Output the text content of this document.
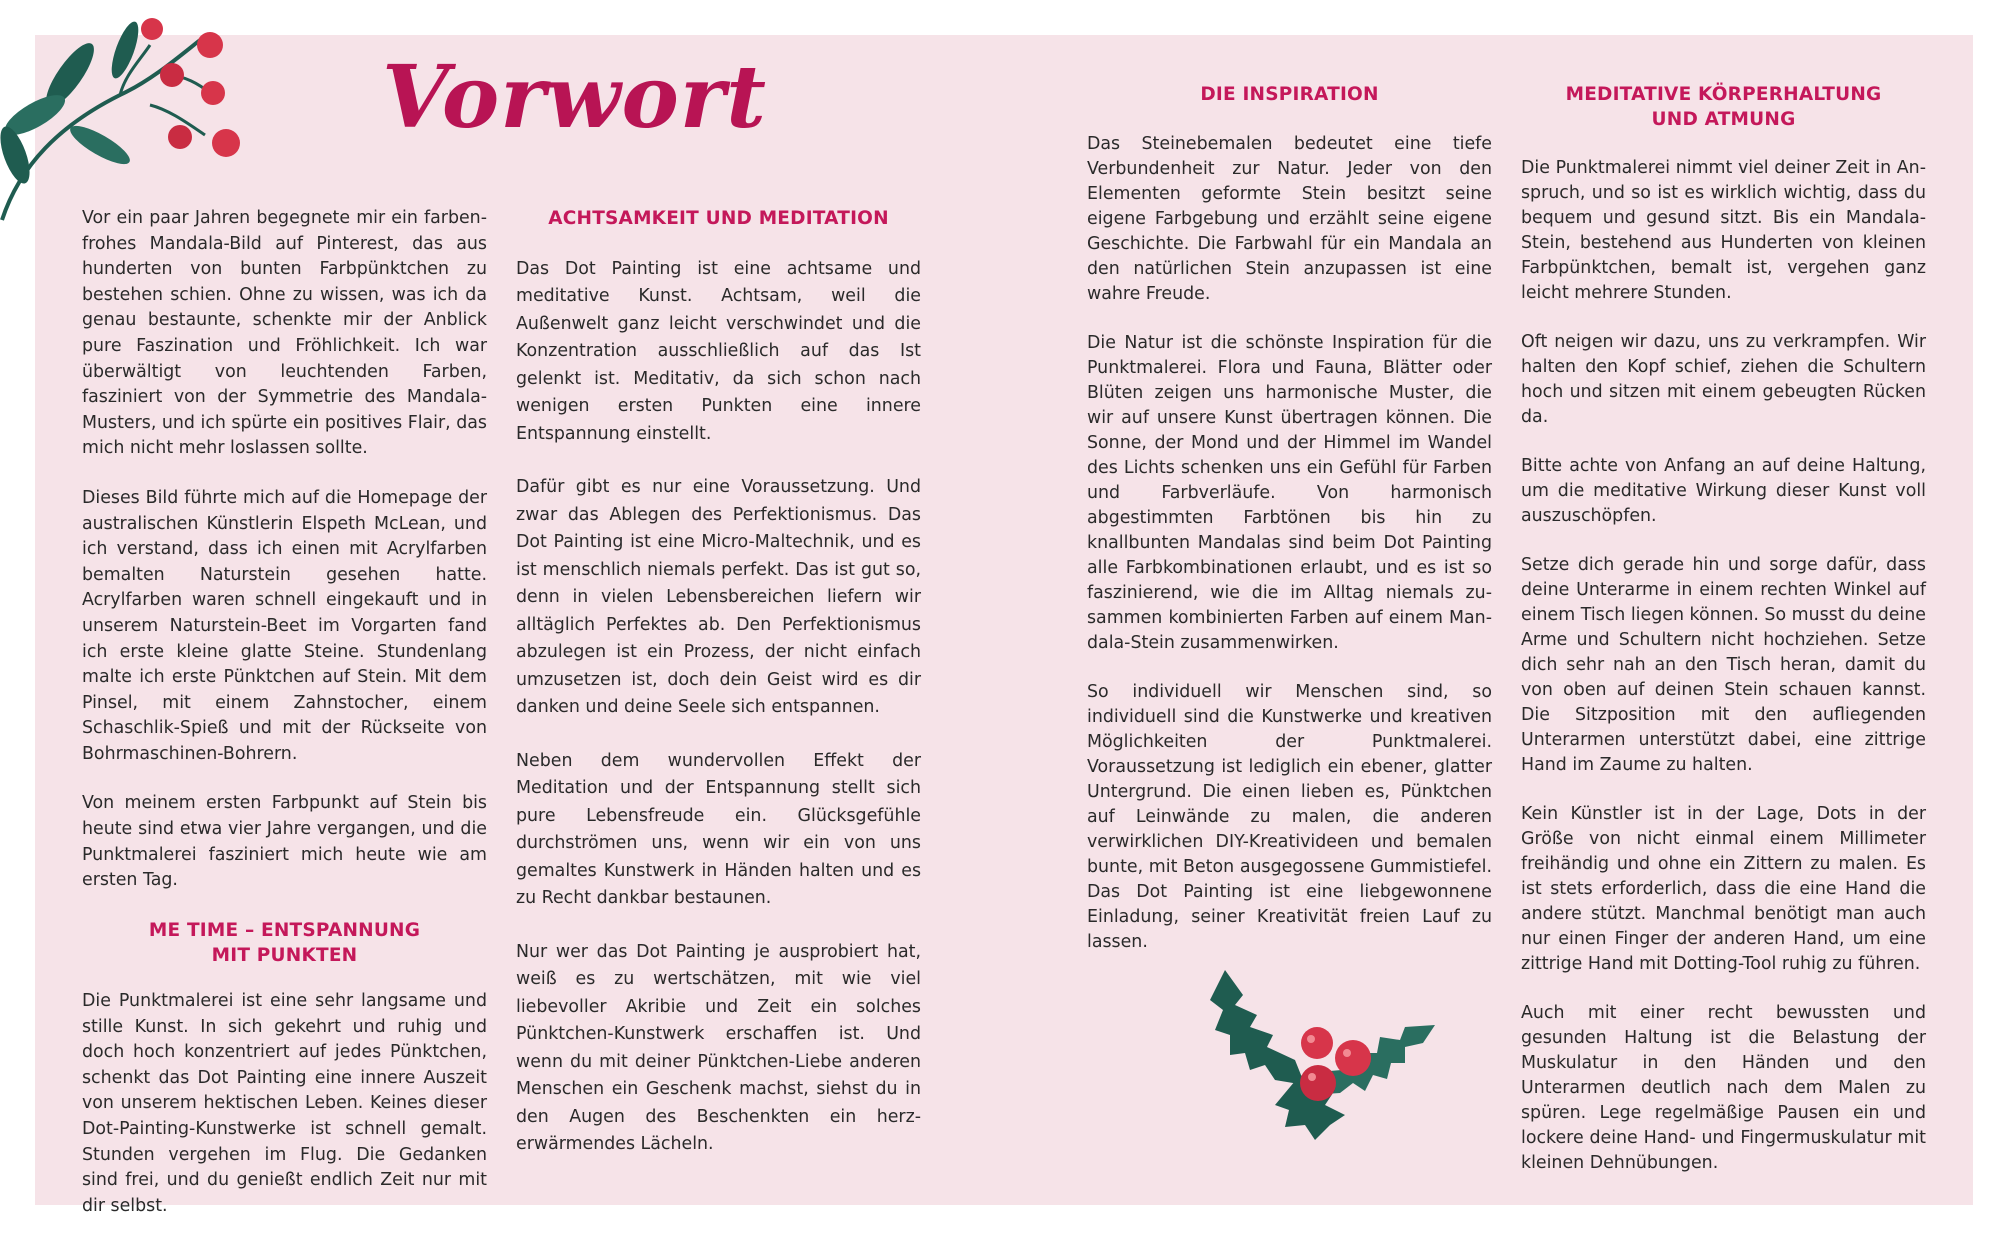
Vorwort

Vor ein paar Jahren begegnete mir ein farbenfrohes Mandala-Bild auf Pinterest, das aus hunderten von bunten Farbpünktchen zu bestehen schien. Ohne zu wissen, was ich da genau bestaunte, schenkte mir der Anblick pure Faszination und Fröhlichkeit. Ich war überwältigt von leuchtenden Farben, fasziniert von der Symmetrie des Mandala-Musters, und ich spürte ein positives Flair, das mich nicht mehr loslassen sollte.

Dieses Bild führte mich auf die Homepage der australischen Künstlerin Elspeth McLean, und ich verstand, dass ich einen mit Acrylfarben bemalten Naturstein gesehen hatte. Acrylfarben waren schnell eingekauft und in unserem Naturstein-Beet im Vorgarten fand ich erste kleine glatte Steine. Stundenlang malte ich erste Pünktchen auf Stein. Mit dem Pinsel, mit einem Zahnstocher, einem Schaschlik-Spieß und mit der Rückseite von Bohrmaschinen-Bohrern.

Von meinem ersten Farbpunkt auf Stein bis heute sind etwa vier Jahre vergangen, und die Punktmalerei fasziniert mich heute wie am ersten Tag.

ME TIME – ENTSPANNUNG
MIT PUNKTEN

Die Punktmalerei ist eine sehr langsame und stille Kunst. In sich gekehrt und ruhig und doch hoch konzentriert auf jedes Pünktchen, schenkt das Dot Painting eine innere Auszeit von unserem hektischen Leben. Keines dieser Dot-Painting-Kunstwerke ist schnell gemalt. Stunden vergehen im Flug. Die Gedanken sind frei, und du genießt endlich Zeit nur mit dir selbst.

ACHTSAMKEIT UND MEDITATION

Das Dot Painting ist eine achtsame und meditative Kunst. Achtsam, weil die Außenwelt ganz leicht verschwindet und die Konzentration ausschließlich auf das Ist gelenkt ist. Meditativ, da sich schon nach wenigen ersten Punkten eine innere Entspannung einstellt.

Dafür gibt es nur eine Voraussetzung. Und zwar das Ablegen des Perfektionismus. Das Dot Painting ist eine Micro-Maltechnik, und es ist menschlich niemals perfekt. Das ist gut so, denn in vielen Lebensbereichen liefern wir alltäglich Perfektes ab. Den Perfektionismus abzulegen ist ein Prozess, der nicht einfach umzusetzen ist, doch dein Geist wird es dir danken und deine Seele sich entspannen.

Neben dem wundervollen Effekt der Meditation und der Entspannung stellt sich pure Lebensfreude ein. Glücksgefühle durchströmen uns, wenn wir ein von uns gemaltes Kunstwerk in Händen halten und es zu Recht dankbar bestaunen.

Nur wer das Dot Painting je ausprobiert hat, weiß es zu wertschätzen, mit wie viel liebevoller Akribie und Zeit ein solches Pünktchen-Kunstwerk erschaffen ist. Und wenn du mit deiner Pünktchen-Liebe anderen Menschen ein Geschenk machst, siehst du in den Augen des Beschenkten ein herzerwärmendes Lächeln.

DIE INSPIRATION

Das Steinebemalen bedeutet eine tiefe Verbundenheit zur Natur. Jeder von den Elementen geformte Stein besitzt seine eigene Farbgebung und erzählt seine eigene Geschichte. Die Farbwahl für ein Mandala an den natürlichen Stein anzupassen ist eine wahre Freude.

Die Natur ist die schönste Inspiration für die Punktmalerei. Flora und Fauna, Blätter oder Blüten zeigen uns harmonische Muster, die wir auf unsere Kunst übertragen können. Die Sonne, der Mond und der Himmel im Wandel des Lichts schenken uns ein Gefühl für Farben und Farbverläufe. Von harmonisch abgestimmten Farbtönen bis hin zu knallbunten Mandalas sind beim Dot Painting alle Farbkombinationen erlaubt, und es ist so faszinierend, wie die im Alltag niemals zusammen kombinierten Farben auf einem Mandala-Stein zusammenwirken.

So individuell wir Menschen sind, so individuell sind die Kunstwerke und kreativen Möglichkeiten der Punktmalerei. Voraussetzung ist lediglich ein ebener, glatter Untergrund. Die einen lieben es, Pünktchen auf Leinwände zu malen, die anderen verwirklichen DIY-Kreativideen und bemalen bunte, mit Beton ausgegossene Gummistiefel. Das Dot Painting ist eine liebgewonnene Einladung, seiner Kreativität freien Lauf zu lassen.

MEDITATIVE KÖRPERHALTUNG
UND ATMUNG

Die Punktmalerei nimmt viel deiner Zeit in Anspruch, und so ist es wirklich wichtig, dass du bequem und gesund sitzt. Bis ein Mandala-Stein, bestehend aus Hunderten von kleinen Farbpünktchen, bemalt ist, vergehen ganz leicht mehrere Stunden.

Oft neigen wir dazu, uns zu verkrampfen. Wir halten den Kopf schief, ziehen die Schultern hoch und sitzen mit einem gebeugten Rücken da.

Bitte achte von Anfang an auf deine Haltung, um die meditative Wirkung dieser Kunst voll auszuschöpfen.

Setze dich gerade hin und sorge dafür, dass deine Unterarme in einem rechten Winkel auf einem Tisch liegen können. So musst du deine Arme und Schultern nicht hochziehen. Setze dich sehr nah an den Tisch heran, damit du von oben auf deinen Stein schauen kannst. Die Sitzposition mit den aufliegenden Unterarmen unterstützt dabei, eine zittrige Hand im Zaume zu halten.

Kein Künstler ist in der Lage, Dots in der Größe von nicht einmal einem Millimeter freihändig und ohne ein Zittern zu malen. Es ist stets erforderlich, dass die eine Hand die andere stützt. Manchmal benötigt man auch nur einen Finger der anderen Hand, um eine zittrige Hand mit Dotting-Tool ruhig zu führen.

Auch mit einer recht bewussten und gesunden Haltung ist die Belastung der Muskulatur in den Händen und den Unterarmen deutlich nach dem Malen zu spüren. Lege regelmäßige Pausen ein und lockere deine Hand- und Fingermuskulatur mit kleinen Dehnübungen.
